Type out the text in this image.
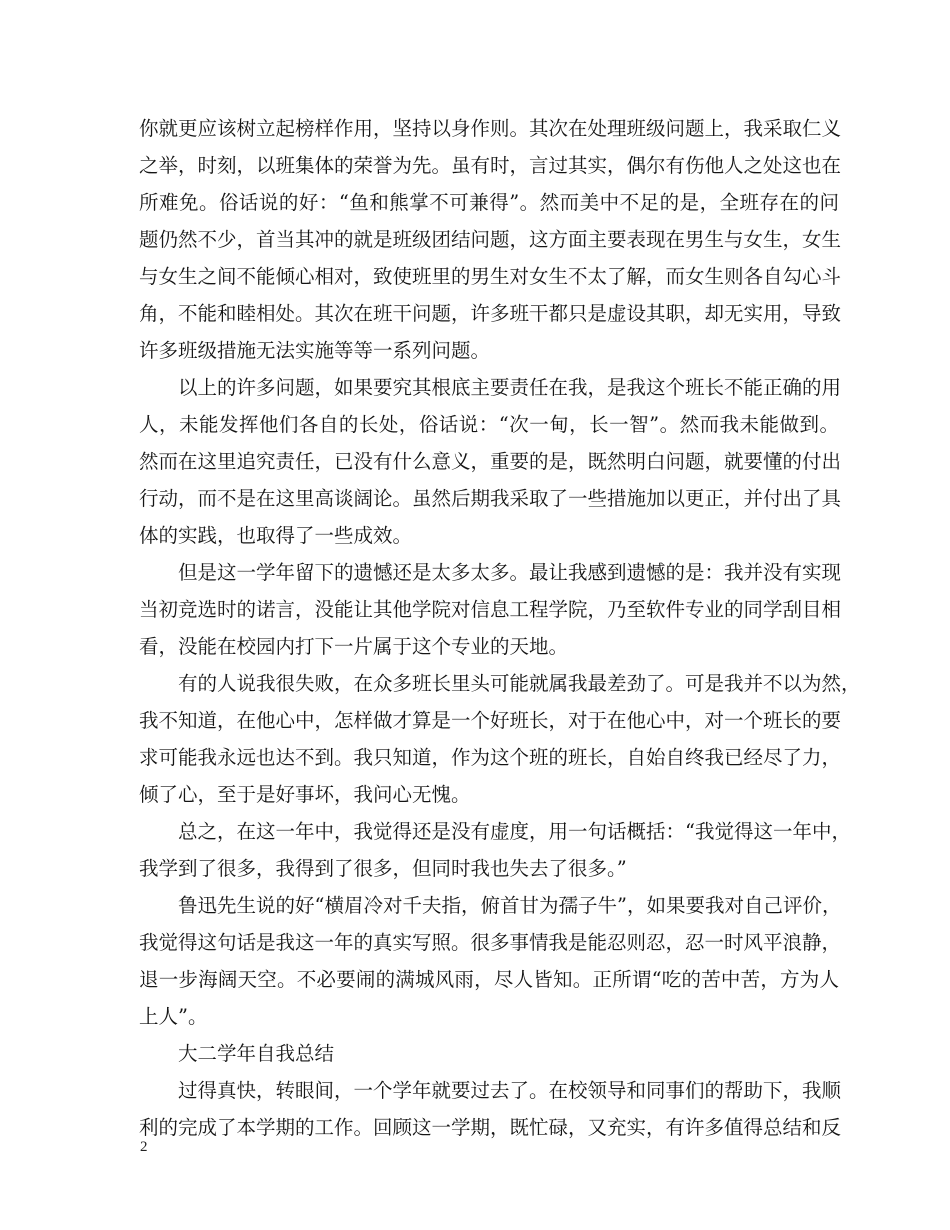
你就更应该树立起榜样作用，坚持以身作则。其次在处理班级问题上，我采取仁义
之举，时刻，以班集体的荣誉为先。虽有时，言过其实，偶尔有伤他人之处这也在
所难免。俗话说的好：“鱼和熊掌不可兼得”。然而美中不足的是，全班存在的问
题仍然不少，首当其冲的就是班级团结问题，这方面主要表现在男生与女生，女生
与女生之间不能倾心相对，致使班里的男生对女生不太了解，而女生则各自勾心斗
角，不能和睦相处。其次在班干问题，许多班干都只是虚设其职，却无实用，导致
许多班级措施无法实施等等一系列问题。
以上的许多问题，如果要究其根底主要责任在我，是我这个班长不能正确的用
人，未能发挥他们各自的长处，俗话说：“次一甸，长一智”。然而我未能做到。
然而在这里追究责任，已没有什么意义，重要的是，既然明白问题，就要懂的付出
行动，而不是在这里高谈阔论。虽然后期我采取了一些措施加以更正，并付出了具
体的实践，也取得了一些成效。
但是这一学年留下的遗憾还是太多太多。最让我感到遗憾的是：我并没有实现
当初竞选时的诺言，没能让其他学院对信息工程学院，乃至软件专业的同学刮目相
看，没能在校园内打下一片属于这个专业的天地。
有的人说我很失败，在众多班长里头可能就属我最差劲了。可是我并不以为然，
我不知道，在他心中，怎样做才算是一个好班长，对于在他心中，对一个班长的要
求可能我永远也达不到。我只知道，作为这个班的班长，自始自终我已经尽了力，
倾了心，至于是好事坏，我问心无愧。
总之，在这一年中，我觉得还是没有虚度，用一句话概括：“我觉得这一年中，
我学到了很多，我得到了很多，但同时我也失去了很多。”
鲁迅先生说的好“横眉冷对千夫指，俯首甘为孺子牛”，如果要我对自己评价，
我觉得这句话是我这一年的真实写照。很多事情我是能忍则忍，忍一时风平浪静，
退一步海阔天空。不必要闹的满城风雨，尽人皆知。正所谓“吃的苦中苦，方为人
上人”。
大二学年自我总结
过得真快，转眼间，一个学年就要过去了。在校领导和同事们的帮助下，我顺
利的完成了本学期的工作。回顾这一学期，既忙碌，又充实，有许多值得总结和反
2
